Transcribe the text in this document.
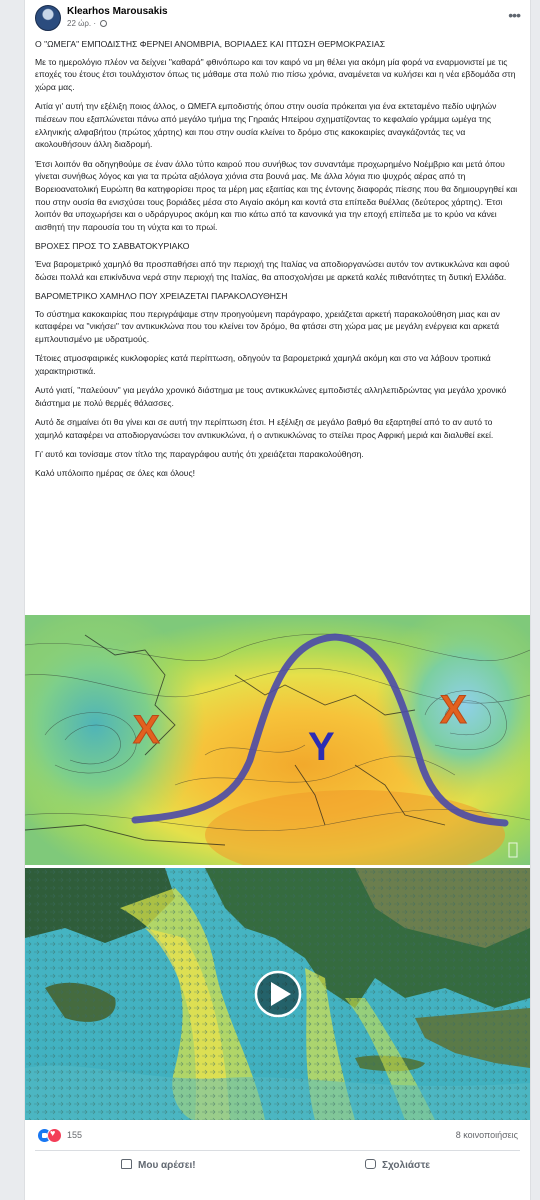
Klearhos Marousakis
22 ώρ. ·
•••

Ο "ΩΜΕΓΑ" ΕΜΠΟΔΙΣΤΗΣ ΦΕΡΝΕΙ ΑΝΟΜΒΡΙΑ, ΒΟΡΙΑΔΕΣ ΚΑΙ ΠΤΩΣΗ ΘΕΡΜΟΚΡΑΣΙΑΣ

Με το ημερολόγιο πλέον να δείχνει "καθαρά" φθινόπωρο και τον καιρό να μη θέλει για ακόμη μία φορά να εναρμονιστεί με τις εποχές του έτους έτσι τουλάχιστον όπως τις μάθαμε στα πολύ πιο πίσω χρόνια, αναμένεται να κυλήσει και η νέα εβδομάδα στη χώρα μας.

Αιτία γι' αυτή την εξέλιξη ποιος άλλος, ο ΩΜΕΓΑ εμποδιστής όπου στην ουσία πρόκειται για ένα εκτεταμένο πεδίο υψηλών πιέσεων που εξαπλώνεται πάνω από μεγάλο τμήμα της Γηραιάς Ηπείρου σχηματίζοντας το κεφαλαίο γράμμα ωμέγα της ελληνικής αλφαβήτου (πρώτος χάρτης) και που στην ουσία κλείνει το δρόμο στις κακοκαιρίες αναγκάζοντάς τες να ακολουθήσουν άλλη διαδρομή.

Έτσι λοιπόν θα οδηγηθούμε σε έναν άλλο τύπο καιρού που συνήθως τον συναντάμε προχωρημένο Νοέμβριο και μετά όπου γίνεται συνήθως λόγος και για τα πρώτα αξιόλογα χιόνια στα βουνά μας. Με άλλα λόγια πιο ψυχρός αέρας από τη Βορειοανατολική Ευρώπη θα κατηφορίσει προς τα μέρη μας εξαιτίας και της έντονης διαφοράς πίεσης που θα δημιουργηθεί και που στην ουσία θα ενισχύσει τους βοριάδες μέσα στο Αιγαίο ακόμη και κοντά στα επίπεδα θυέλλας (δεύτερος χάρτης). Έτσι λοιπόν θα υποχωρήσει και ο υδράργυρος ακόμη και πιο κάτω από τα κανονικά για την εποχή επίπεδα με το κρύο να κάνει αισθητή την παρουσία του τη νύχτα και το πρωί.

ΒΡΟΧΕΣ ΠΡΟΣ ΤΟ ΣΑΒΒΑΤΟΚΥΡΙΑΚΟ

Ένα βαρομετρικό χαμηλό θα προσπαθήσει από την περιοχή της Ιταλίας να αποδιοργανώσει αυτόν τον αντικυκλώνα και αφού δώσει πολλά και επικίνδυνα νερά στην περιοχή της Ιταλίας, θα αποσχολήσει με αρκετά καλές πιθανότητες τη δυτική Ελλάδα.

ΒΑΡΟΜΕΤΡΙΚΟ ΧΑΜΗΛΟ ΠΟΥ ΧΡΕΙΑΖΕΤΑΙ ΠΑΡΑΚΟΛΟΥΘΗΣΗ

Το σύστημα κακοκαιρίας που περιγράψαμε στην προηγούμενη παράγραφο, χρειάζεται αρκετή παρακολούθηση μιας και αν καταφέρει να "νικήσει" τον αντικυκλώνα που του κλείνει τον δρόμο, θα φτάσει στη χώρα μας με μεγάλη ενέργεια και αρκετά εμπλουτισμένο με υδρατμούς.

Τέτοιες ατμοσφαιρικές κυκλοφορίες κατά περίπτωση, οδηγούν τα βαρομετρικά χαμηλά ακόμη και στο να λάβουν τροπικά χαρακτηριστικά.

Αυτό γιατί, "παλεύουν" για μεγάλο χρονικό διάστημα με τους αντικυκλώνες εμποδιστές αλληλεπιδρώντας για μεγάλο χρονικό διάστημα με πολύ θερμές θάλασσες.

Αυτό δε σημαίνει ότι θα γίνει και σε αυτή την περίπτωση έτσι. Η εξέλιξη σε μεγάλο βαθμό θα εξαρτηθεί από το αν αυτό το χαμηλό καταφέρει να αποδιοργανώσει τον αντικυκλώνα, ή ο αντικυκλώνας το στείλει προς Αφρική μεριά και διαλυθεί εκεί.

Γι' αυτό και τονίσαμε στον τίτλο της παραγράφου αυτής ότι χρειάζεται παρακολούθηση.

Καλό υπόλοιπο ημέρας σε όλες και όλους!

X	Y
X
♥
155	8 κοινοποιήσεις
Μου αρέσει!	Σχολιάστε
